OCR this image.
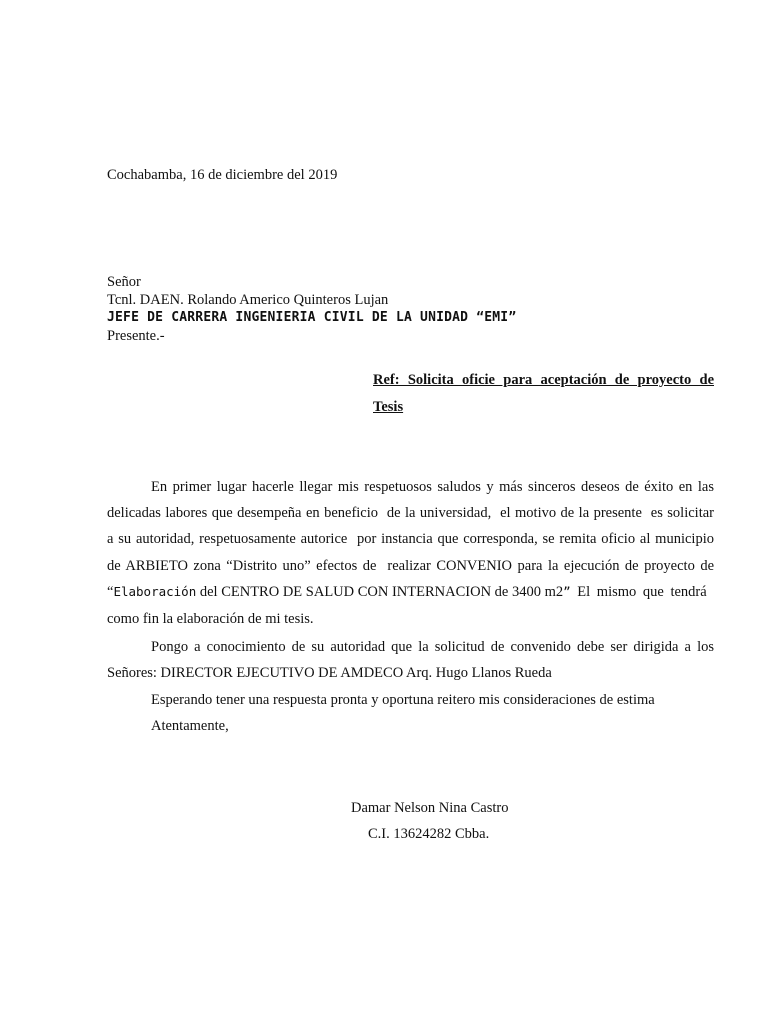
Cochabamba, 16 de diciembre del 2019
Señor
Tcnl. DAEN. Rolando Americo Quinteros Lujan
JEFE DE CARRERA INGENIERIA CIVIL DE LA UNIDAD “EMI”
Presente.-
Ref: Solicita oficie para aceptación de proyecto de
Tesis
En primer lugar hacerle llegar mis respetuosos saludos y más sinceros deseos de éxito en las
delicadas labores que desempeña en beneficio  de la universidad,  el motivo de la presente  es solicitar
a su autoridad, respetuosamente autorice  por instancia que corresponda, se remita oficio al municipio
de ARBIETO zona “Distrito uno” efectos de  realizar CONVENIO para la ejecución de proyecto de
“Elaboración del CENTRO DE SALUD CON INTERNACION de 3400 m2” El mismo que tendrá
como fin la elaboración de mi tesis.
Pongo a conocimiento de su autoridad que la solicitud de convenido debe ser dirigida a los
Señores: DIRECTOR EJECUTIVO DE AMDECO Arq. Hugo Llanos Rueda
Esperando tener una respuesta pronta y oportuna reitero mis consideraciones de estima
Atentamente,
Damar Nelson Nina Castro
C.I. 13624282 Cbba.
